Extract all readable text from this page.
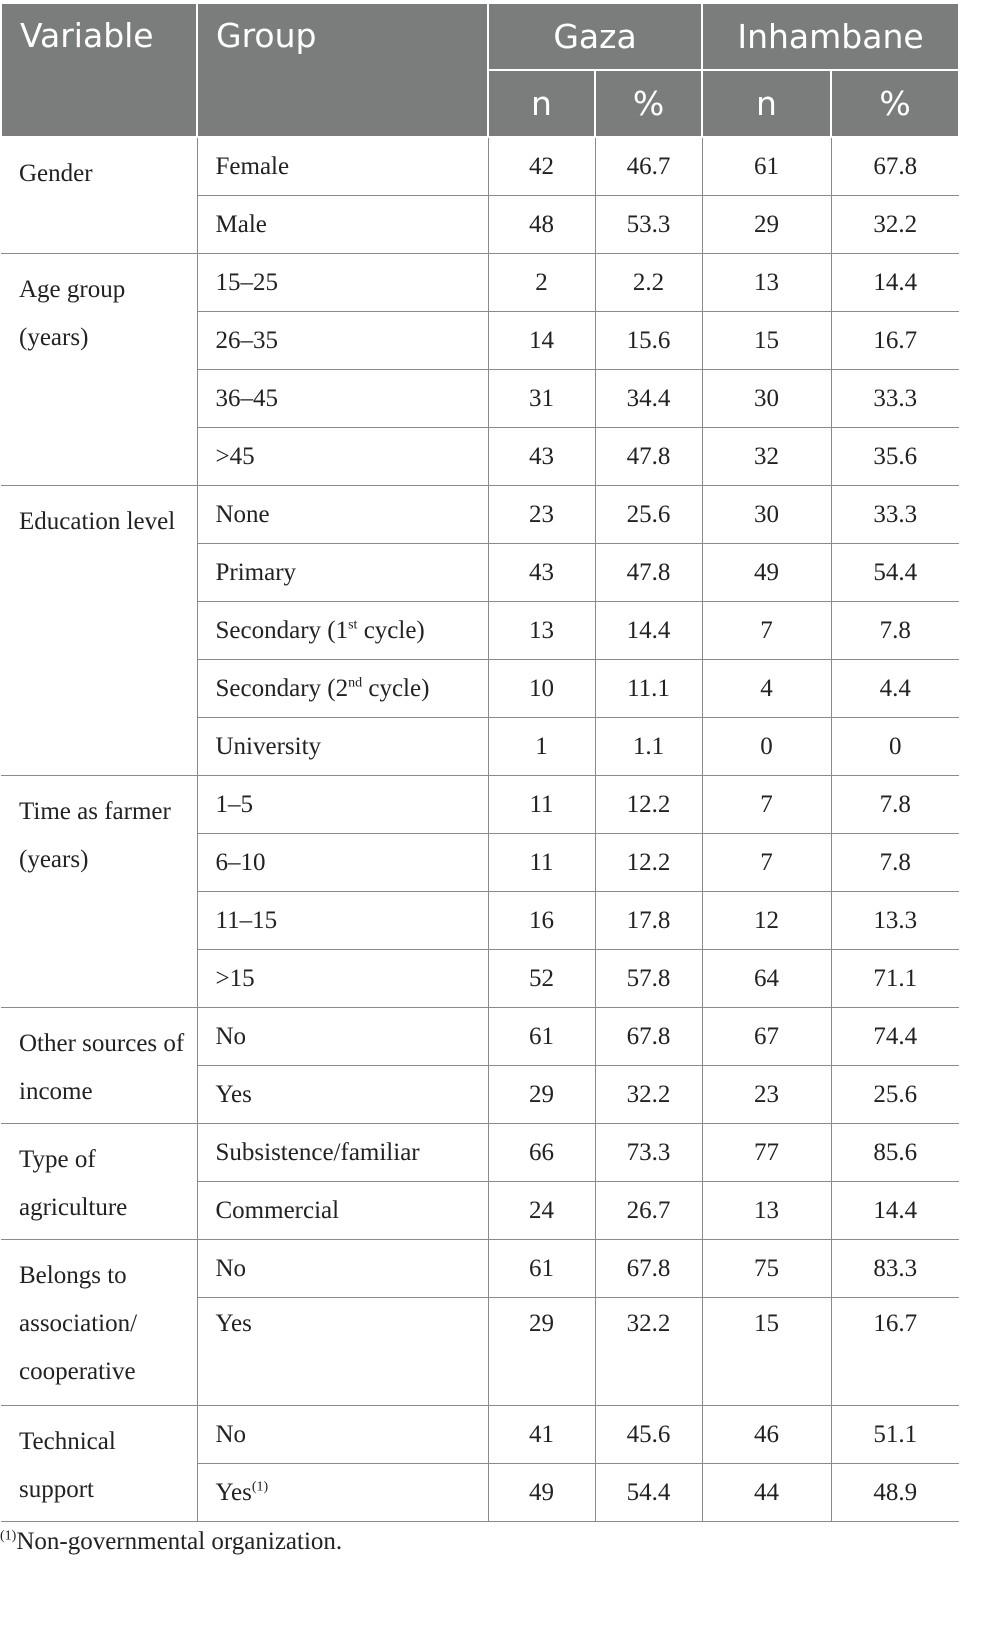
Variable	Group	Gaza		Inhambane	
		n	%	n	%
Gender	Female	42	46.7	61	67.8
	Male	48	53.3	29	32.2
Age group (years)	15–25	2	2.2	13	14.4
	26–35	14	15.6	15	16.7
	36–45	31	34.4	30	33.3
	>45	43	47.8	32	35.6
Education level	None	23	25.6	30	33.3
	Primary	43	47.8	49	54.4
	Secondary (1st cycle)	13	14.4	7	7.8
	Secondary (2nd cycle)	10	11.1	4	4.4
	University	1	1.1	0	0
Time as farmer (years)	1–5	11	12.2	7	7.8
	6–10	11	12.2	7	7.8
	11–15	16	17.8	12	13.3
	>15	52	57.8	64	71.1
Other sources of income	No	61	67.8	67	74.4
	Yes	29	32.2	23	25.6
Type of agriculture	Subsistence/familiar	66	73.3	77	85.6
	Commercial	24	26.7	13	14.4
Belongs to association/ cooperative	No	61	67.8	75	83.3
	Yes	29	32.2	15	16.7
Technical support	No	41	45.6	46	51.1
	Yes$^{(1)}$	49	54.4	44	48.9
$^{(1)}$Non-governmental organization.
